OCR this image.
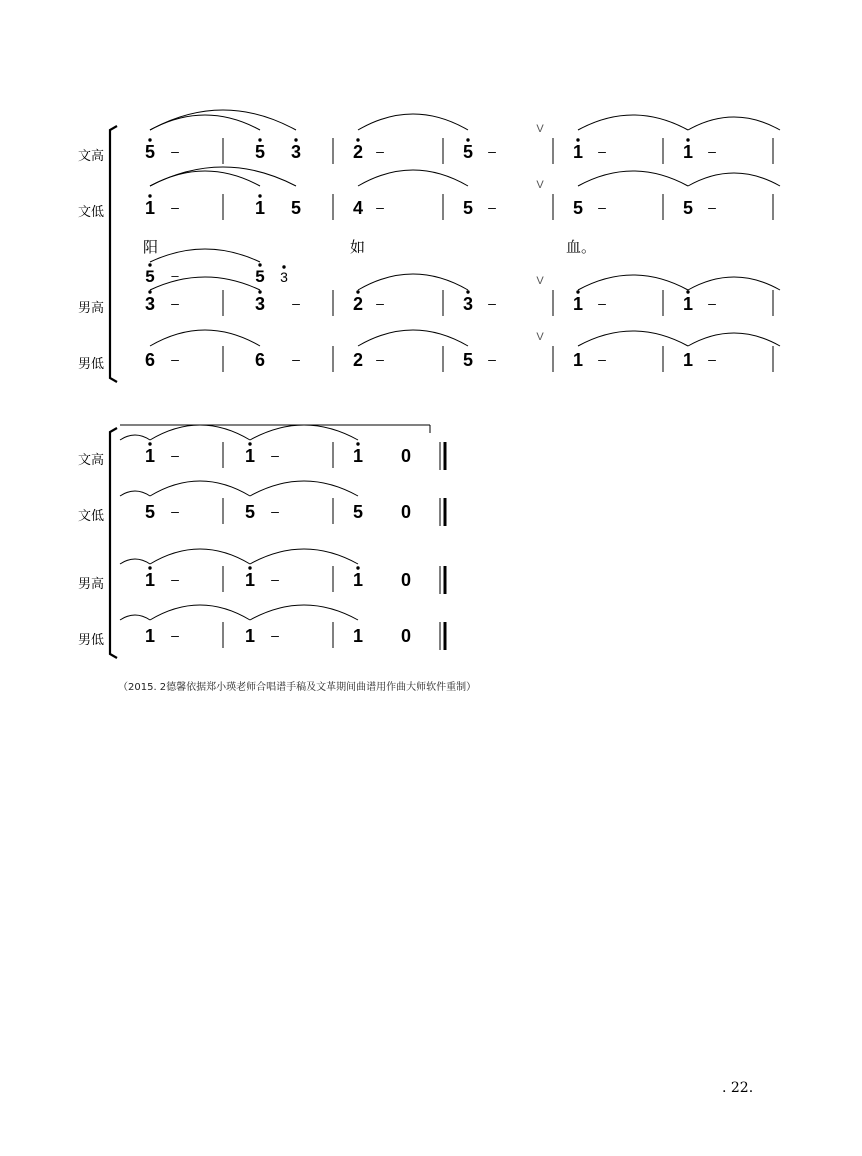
5 –	5 3	2 –	5 –	1 –	1 –
1 –	1 5	4 –	5 –	5 –	5 –
3 –	3 –	2 –	3 –	1 –	1 –
6 –	6 –	2 –	5 –	1 –	1 –
5 –	5 3
V
V
V
V
1 –	1 –	1 0
5 –	5 –	5 0
1 –	1 –	1 0
1 –	1 –	1 0
文高
文低
男高
男低
文高
文低
男高
男低
阳	如	血。
（2015. 2德馨依据郑小瑛老师合唱谱手稿及文革期间曲谱用作曲大师软件重制）
. 22.
